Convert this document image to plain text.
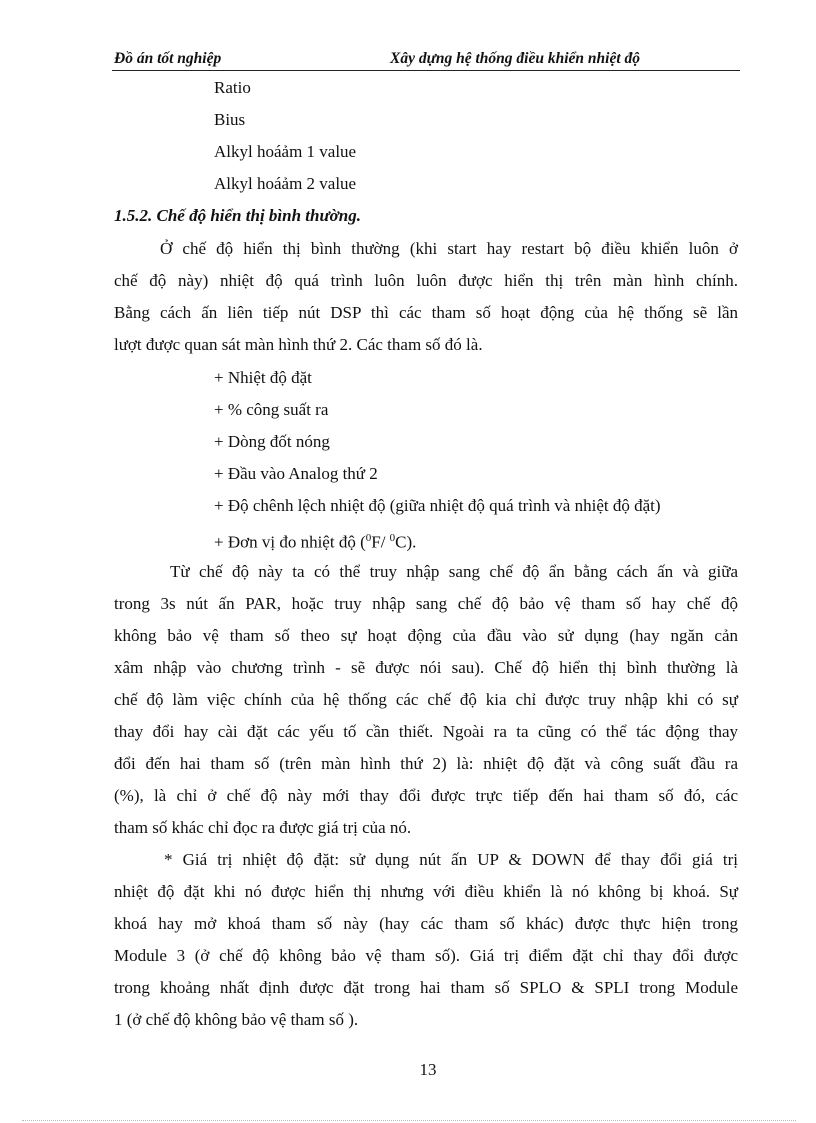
Đồ án tốt nghiệp	Xây dựng hệ thống điều khiển nhiệt độ
Ratio
Bius
Alkyl hoáảm 1 value
Alkyl hoáảm 2 value
1.5.2. Chế độ hiển thị bình thường.
Ở chế độ hiển thị bình thường (khi start hay restart bộ điều khiển luôn ở
chế độ này) nhiệt độ quá trình luôn luôn được hiển thị trên màn hình chính.
Bằng cách ấn liên tiếp nút DSP thì các tham số hoạt động của hệ thống sẽ lần
lượt được quan sát màn hình thứ 2. Các tham số đó là.
+ Nhiệt độ đặt
+ % công suất ra
+ Dòng đốt nóng
+ Đầu vào Analog thứ 2
+ Độ chênh lệch nhiệt độ (giữa nhiệt độ quá trình và nhiệt độ đặt)
+ Đơn vị đo nhiệt độ ($^0$F/ $^0$C).
Từ chế độ này ta có thể truy nhập sang chế độ ẩn bằng cách ấn và giữa
trong 3s nút ấn PAR, hoặc truy nhập sang chế độ bảo vệ tham số hay chế độ
không bảo vệ tham số theo sự hoạt động của đầu vào sử dụng (hay ngăn cản
xâm nhập vào chương trình - sẽ được nói sau). Chế độ hiển thị bình thường là
chế độ làm việc chính của hệ thống các chế độ kia chỉ được truy nhập khi có sự
thay đổi hay cài đặt các yếu tố cần thiết. Ngoài ra ta cũng có thể tác động thay
đổi đến hai tham số (trên màn hình thứ 2) là: nhiệt độ đặt và công suất đầu ra
(%), là chỉ ở chế độ này mới thay đổi được trực tiếp đến hai tham số đó, các
tham số khác chỉ đọc ra được giá trị của nó.
* Giá trị nhiệt độ đặt: sử dụng nút ấn UP & DOWN để thay đổi giá trị
nhiệt độ đặt khi nó được hiển thị nhưng với điều khiển là nó không bị khoá. Sự
khoá hay mở khoá tham số này (hay các tham số khác) được thực hiện trong
Module 3 (ở chế độ không bảo vệ tham số). Giá trị điểm đặt chỉ thay đổi được
trong khoảng nhất định được đặt trong hai tham số SPLO & SPLI trong Module
1 (ở chế độ không bảo vệ tham số ).
13
